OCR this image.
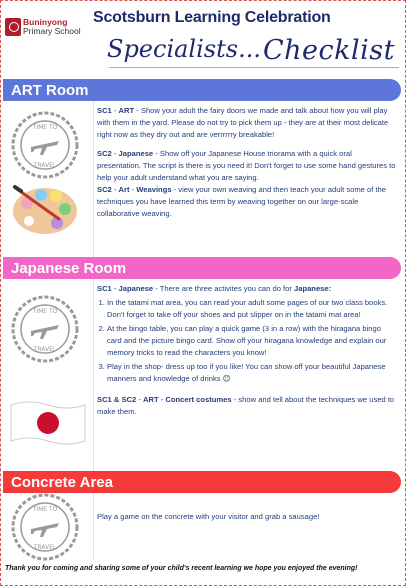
Buninyong
Primary School
Scotsburn Learning Celebration
Specialists... Checklist
ART Room
TIME TO
TRAVEL

SC1 - ART - Show your adult the fairy doors we made and talk about how you will play with them in the yard. Please do not try to pick them up - they are at their most delicate right now as they dry out and are verrrrrry breakable!

SC2 - Japanese - Show off your Japanese House triorama with a quick oral presentation. The script is there is you need it! Don't forget to use some hand gestures to help your adult understand what you are saying.

SC2 - Art - Weavings - view your own weaving and then teach your adult some of the techniques you have learned this term by weaving together on our large-scale collaborative weaving.

Japanese Room
TIME TO
TRAVEL

SC1 - Japanese - There are three activites you can do for Japanese:

1. In the tatami mat area, you can read your adult some pages of our two class books. Don't forget to take off your shoes and put slipper on in the tatami mat area!
2. At the bingo table, you can play a quick game (3 in a row) with the hiragana bingo card and the picture bingo card. Show off your hiragana knowledge and explain our memory tricks to read the characters you know!
3. Play in the shop- dress up too if you like! You can show off your beautiful Japanese manners and knowledge of drinks 😊

SC1 & SC2 - ART - Concert costumes - show and tell about the techniques we used to make them.

Concrete Area
TIME TO
TRAVEL
Play a game on the concrete with your visitor and grab a sausage!
Thank you for coming and sharing some of your child's recent learning we hope you enjoyed the evening!
